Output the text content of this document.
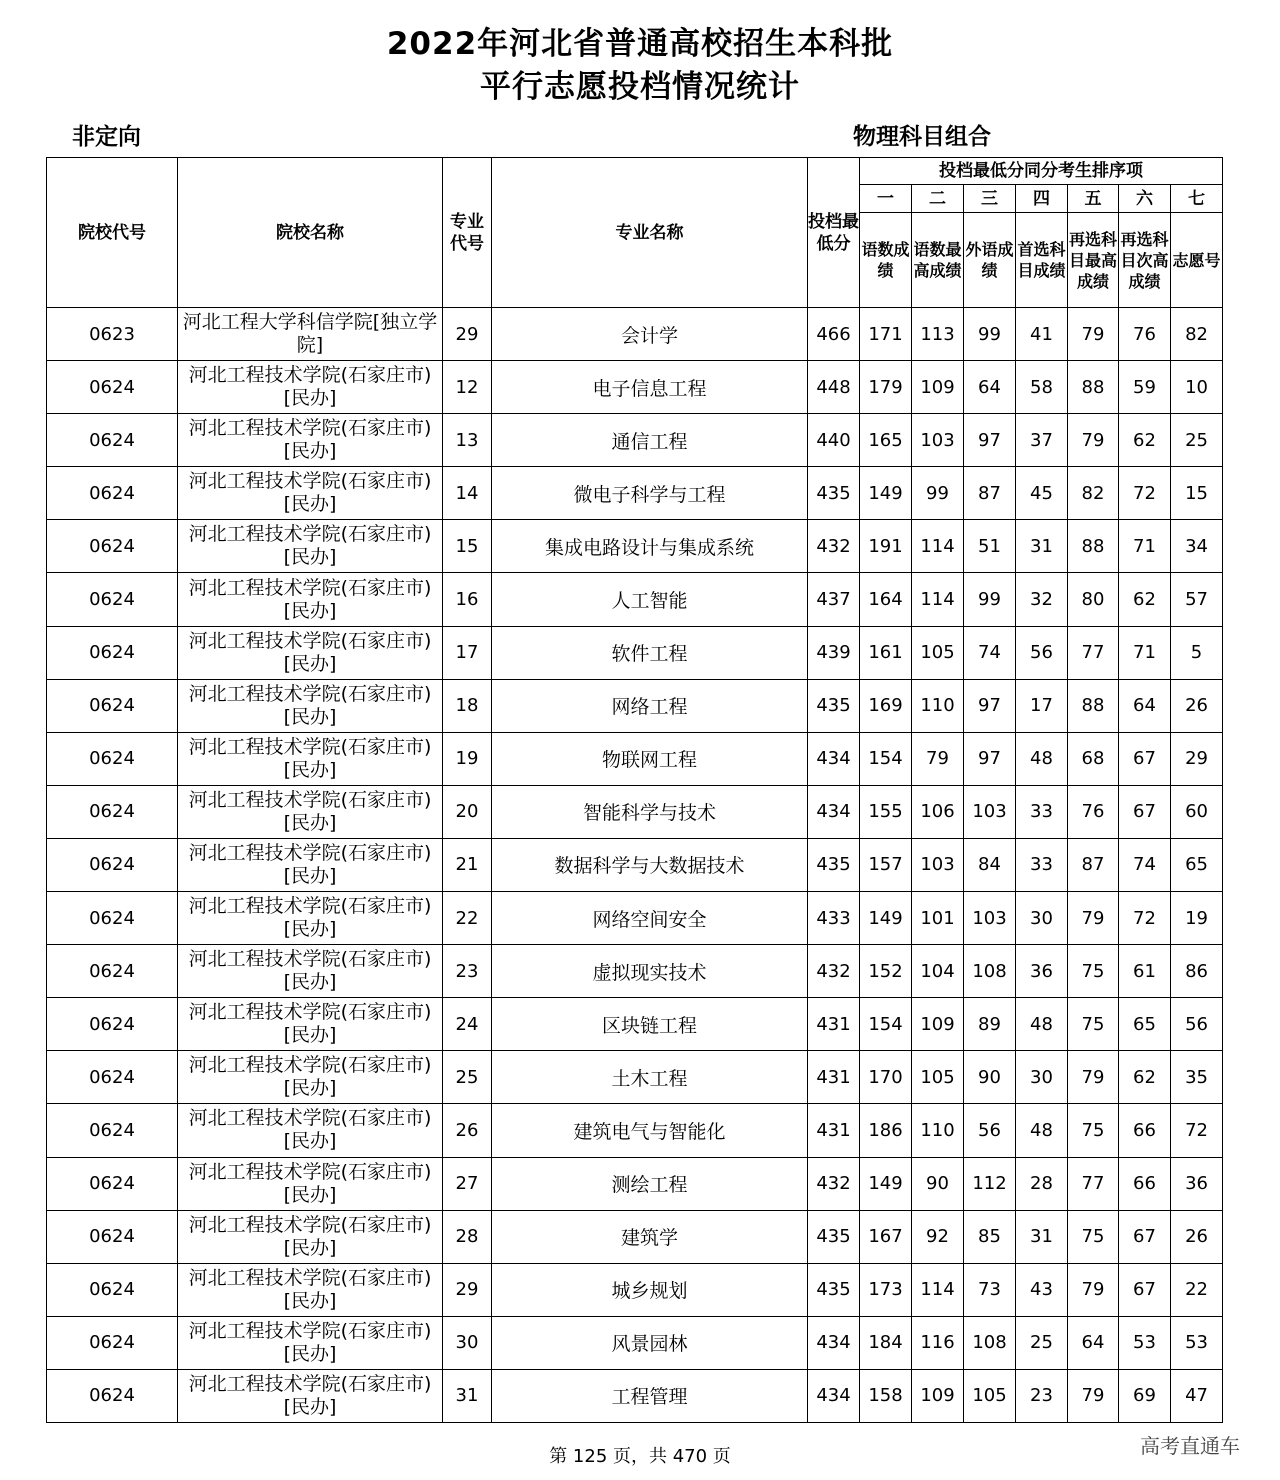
2022年河北省普通高校招生本科批
平行志愿投档情况统计
非定向	物理科目组合
院校代号	院校名称	专业代号	专业名称	投档最低分	投档最低分同分考生排序项						
					一	二	三	四	五	六	七
					语数成绩	语数最高成绩	外语成绩	首选科目成绩	再选科目最高成绩	再选科目次高成绩	志愿号
0623	河北工程大学科信学院[独立学院]	29	会计学	466	171	113	99	41	79	76	82
0624	河北工程技术学院(石家庄市)[民办]	12	电子信息工程	448	179	109	64	58	88	59	10
0624	河北工程技术学院(石家庄市)[民办]	13	通信工程	440	165	103	97	37	79	62	25
0624	河北工程技术学院(石家庄市)[民办]	14	微电子科学与工程	435	149	99	87	45	82	72	15
0624	河北工程技术学院(石家庄市)[民办]	15	集成电路设计与集成系统	432	191	114	51	31	88	71	34
0624	河北工程技术学院(石家庄市)[民办]	16	人工智能	437	164	114	99	32	80	62	57
0624	河北工程技术学院(石家庄市)[民办]	17	软件工程	439	161	105	74	56	77	71	5
0624	河北工程技术学院(石家庄市)[民办]	18	网络工程	435	169	110	97	17	88	64	26
0624	河北工程技术学院(石家庄市)[民办]	19	物联网工程	434	154	79	97	48	68	67	29
0624	河北工程技术学院(石家庄市)[民办]	20	智能科学与技术	434	155	106	103	33	76	67	60
0624	河北工程技术学院(石家庄市)[民办]	21	数据科学与大数据技术	435	157	103	84	33	87	74	65
0624	河北工程技术学院(石家庄市)[民办]	22	网络空间安全	433	149	101	103	30	79	72	19
0624	河北工程技术学院(石家庄市)[民办]	23	虚拟现实技术	432	152	104	108	36	75	61	86
0624	河北工程技术学院(石家庄市)[民办]	24	区块链工程	431	154	109	89	48	75	65	56
0624	河北工程技术学院(石家庄市)[民办]	25	土木工程	431	170	105	90	30	79	62	35
0624	河北工程技术学院(石家庄市)[民办]	26	建筑电气与智能化	431	186	110	56	48	75	66	72
0624	河北工程技术学院(石家庄市)[民办]	27	测绘工程	432	149	90	112	28	77	66	36
0624	河北工程技术学院(石家庄市)[民办]	28	建筑学	435	167	92	85	31	75	67	26
0624	河北工程技术学院(石家庄市)[民办]	29	城乡规划	435	173	114	73	43	79	67	22
0624	河北工程技术学院(石家庄市)[民办]	30	风景园林	434	184	116	108	25	64	53	53
0624	河北工程技术学院(石家庄市)[民办]	31	工程管理	434	158	109	105	23	79	69	47
第 125 页，共 470 页	高考直通车
